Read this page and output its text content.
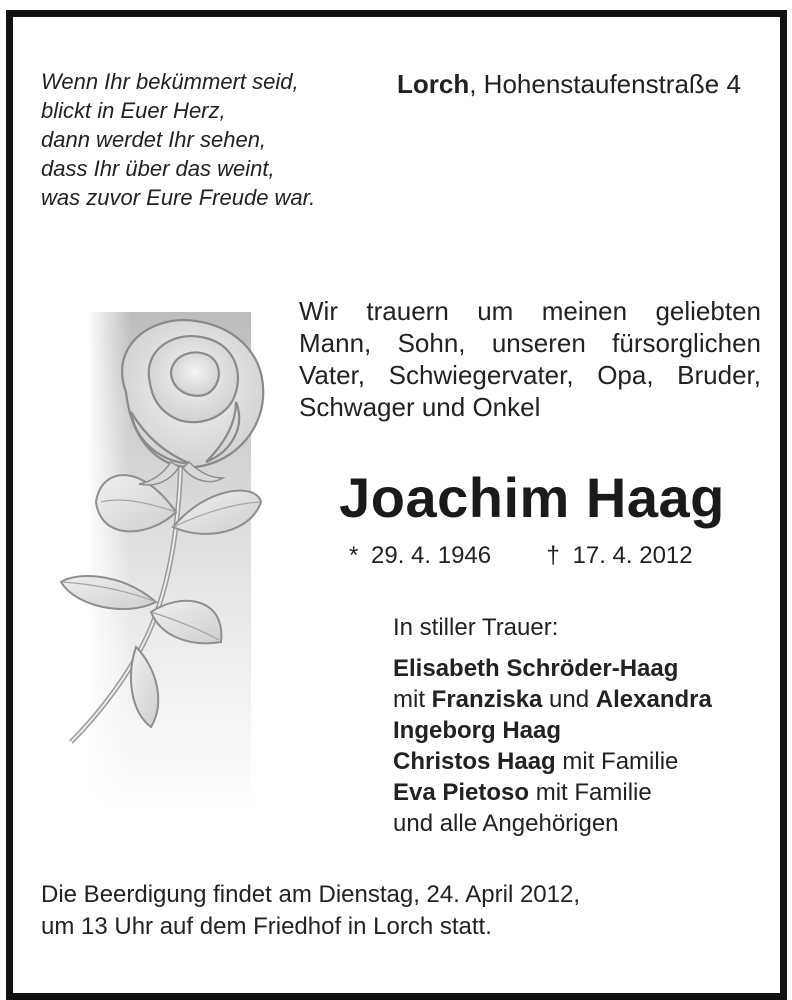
Wenn Ihr bekümmert seid,
blickt in Euer Herz,
dann werdet Ihr sehen,
dass Ihr über das weint,
was zuvor Eure Freude war.
Lorch, Hohenstaufenstraße 4
Wir trauern um meinen geliebten
Mann, Sohn, unseren fürsorglichen
Vater, Schwiegervater, Opa, Bruder,
Schwager und Onkel
Joachim Haag
* 29. 4. 1946 † 17. 4. 2012
In stiller Trauer:
Elisabeth Schröder-Haag
mit Franziska und Alexandra
Ingeborg Haag
Christos Haag mit Familie
Eva Pietoso mit Familie
und alle Angehörigen
Die Beerdigung findet am Dienstag, 24. April 2012,
um 13 Uhr auf dem Friedhof in Lorch statt.
